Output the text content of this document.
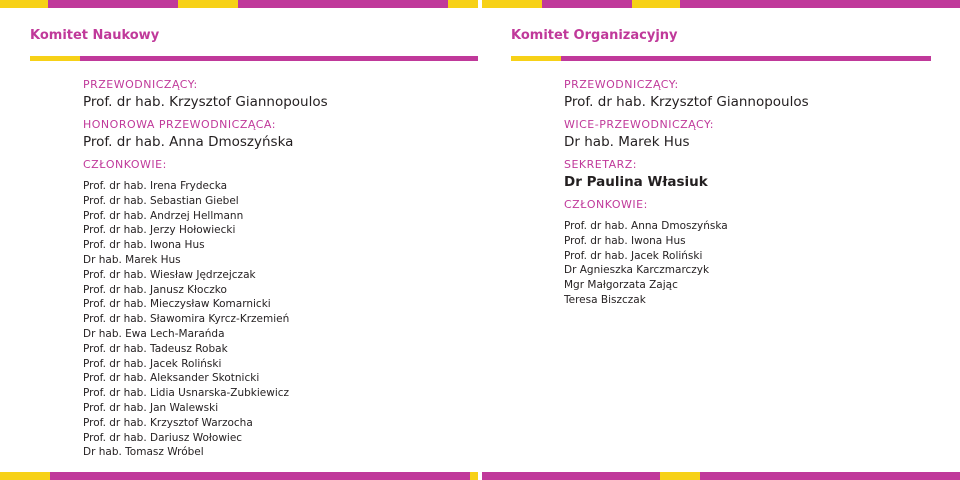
Komitet Naukowy	Komitet Organizacyjny
PRZEWODNICZĄCY:
Prof. dr hab. Krzysztof Giannopoulos
HONOROWA PRZEWODNICZĄCA:
Prof. dr hab. Anna Dmoszyńska
CZŁONKOWIE:
Prof. dr hab. Irena Frydecka
Prof. dr hab. Sebastian Giebel
Prof. dr hab. Andrzej Hellmann
Prof. dr hab. Jerzy Hołowiecki
Prof. dr hab. Iwona Hus
Dr hab. Marek Hus
Prof. dr hab. Wiesław Jędrzejczak
Prof. dr hab. Janusz Kłoczko
Prof. dr hab. Mieczysław Komarnicki
Prof. dr hab. Sławomira Kyrcz-Krzemień
Dr hab. Ewa Lech-Marańda
Prof. dr hab. Tadeusz Robak
Prof. dr hab. Jacek Roliński
Prof. dr hab. Aleksander Skotnicki
Prof. dr hab. Lidia Usnarska-Zubkiewicz
Prof. dr hab. Jan Walewski
Prof. dr hab. Krzysztof Warzocha
Prof. dr hab. Dariusz Wołowiec
Dr hab. Tomasz Wróbel
PRZEWODNICZĄCY:
Prof. dr hab. Krzysztof Giannopoulos
WICE-PRZEWODNICZĄCY:
Dr hab. Marek Hus
SEKRETARZ:
Dr Paulina Własiuk
CZŁONKOWIE:
Prof. dr hab. Anna Dmoszyńska
Prof. dr hab. Iwona Hus
Prof. dr hab. Jacek Roliński
Dr Agnieszka Karczmarczyk
Mgr Małgorzata Zając
Teresa Biszczak
